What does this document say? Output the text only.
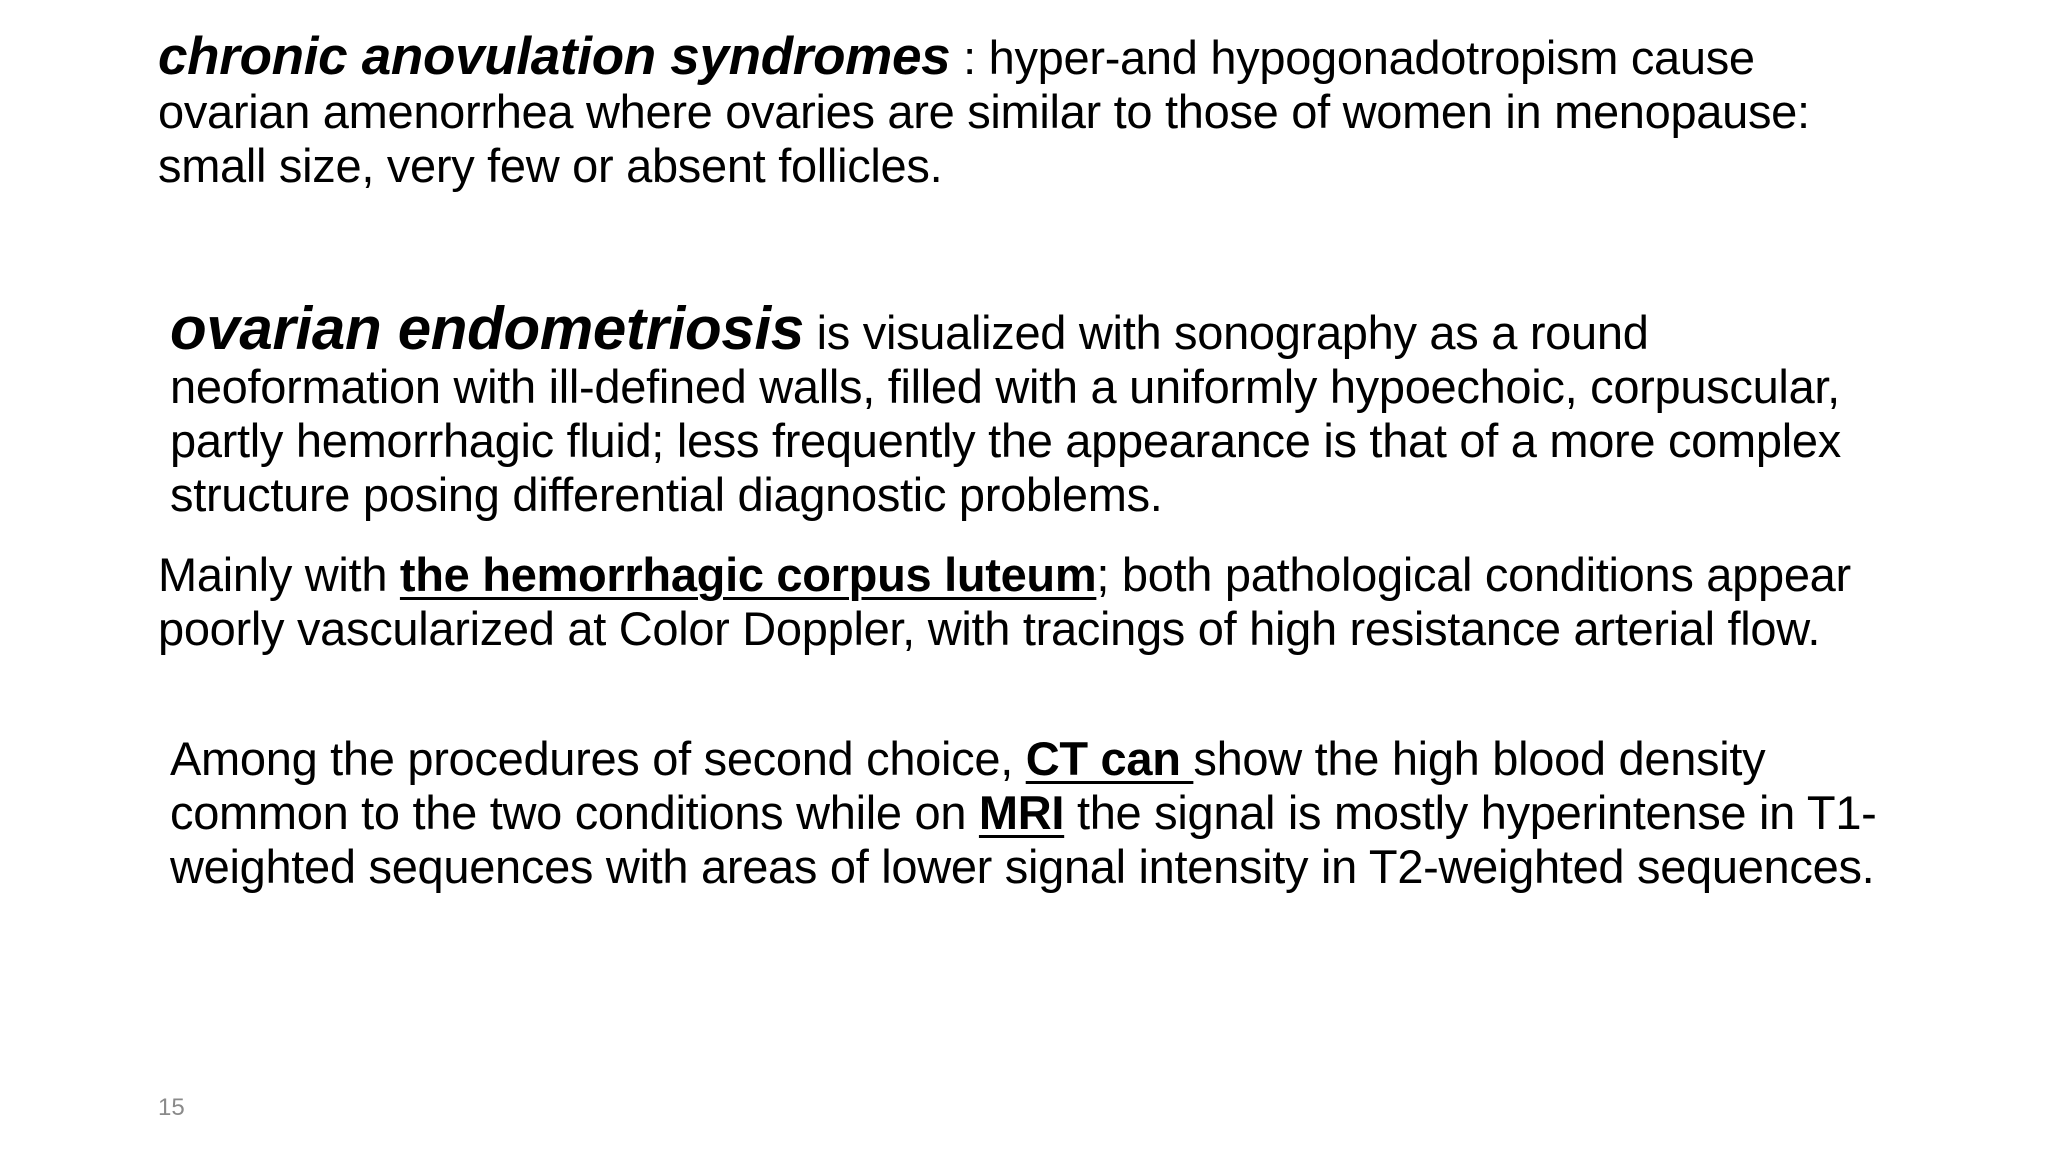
chronic anovulation syndromes : hyper-and hypogonadotropism cause ovarian amenorrhea where ovaries are similar to those of women in menopause: small size, very few or absent follicles.

ovarian endometriosis is visualized with sonography as a round neoformation with ill-defined walls, filled with a uniformly hypoechoic, corpuscular, partly hemorrhagic fluid; less frequently the appearance is that of a more complex structure posing differential diagnostic problems.

Mainly with the hemorrhagic corpus luteum; both pathological conditions appear poorly vascularized at Color Doppler, with tracings of high resistance arterial flow.

Among the procedures of second choice, CT can show the high blood density common to the two conditions while on MRI the signal is mostly hyperintense in T1-weighted sequences with areas of lower signal intensity in T2-weighted sequences.

15
